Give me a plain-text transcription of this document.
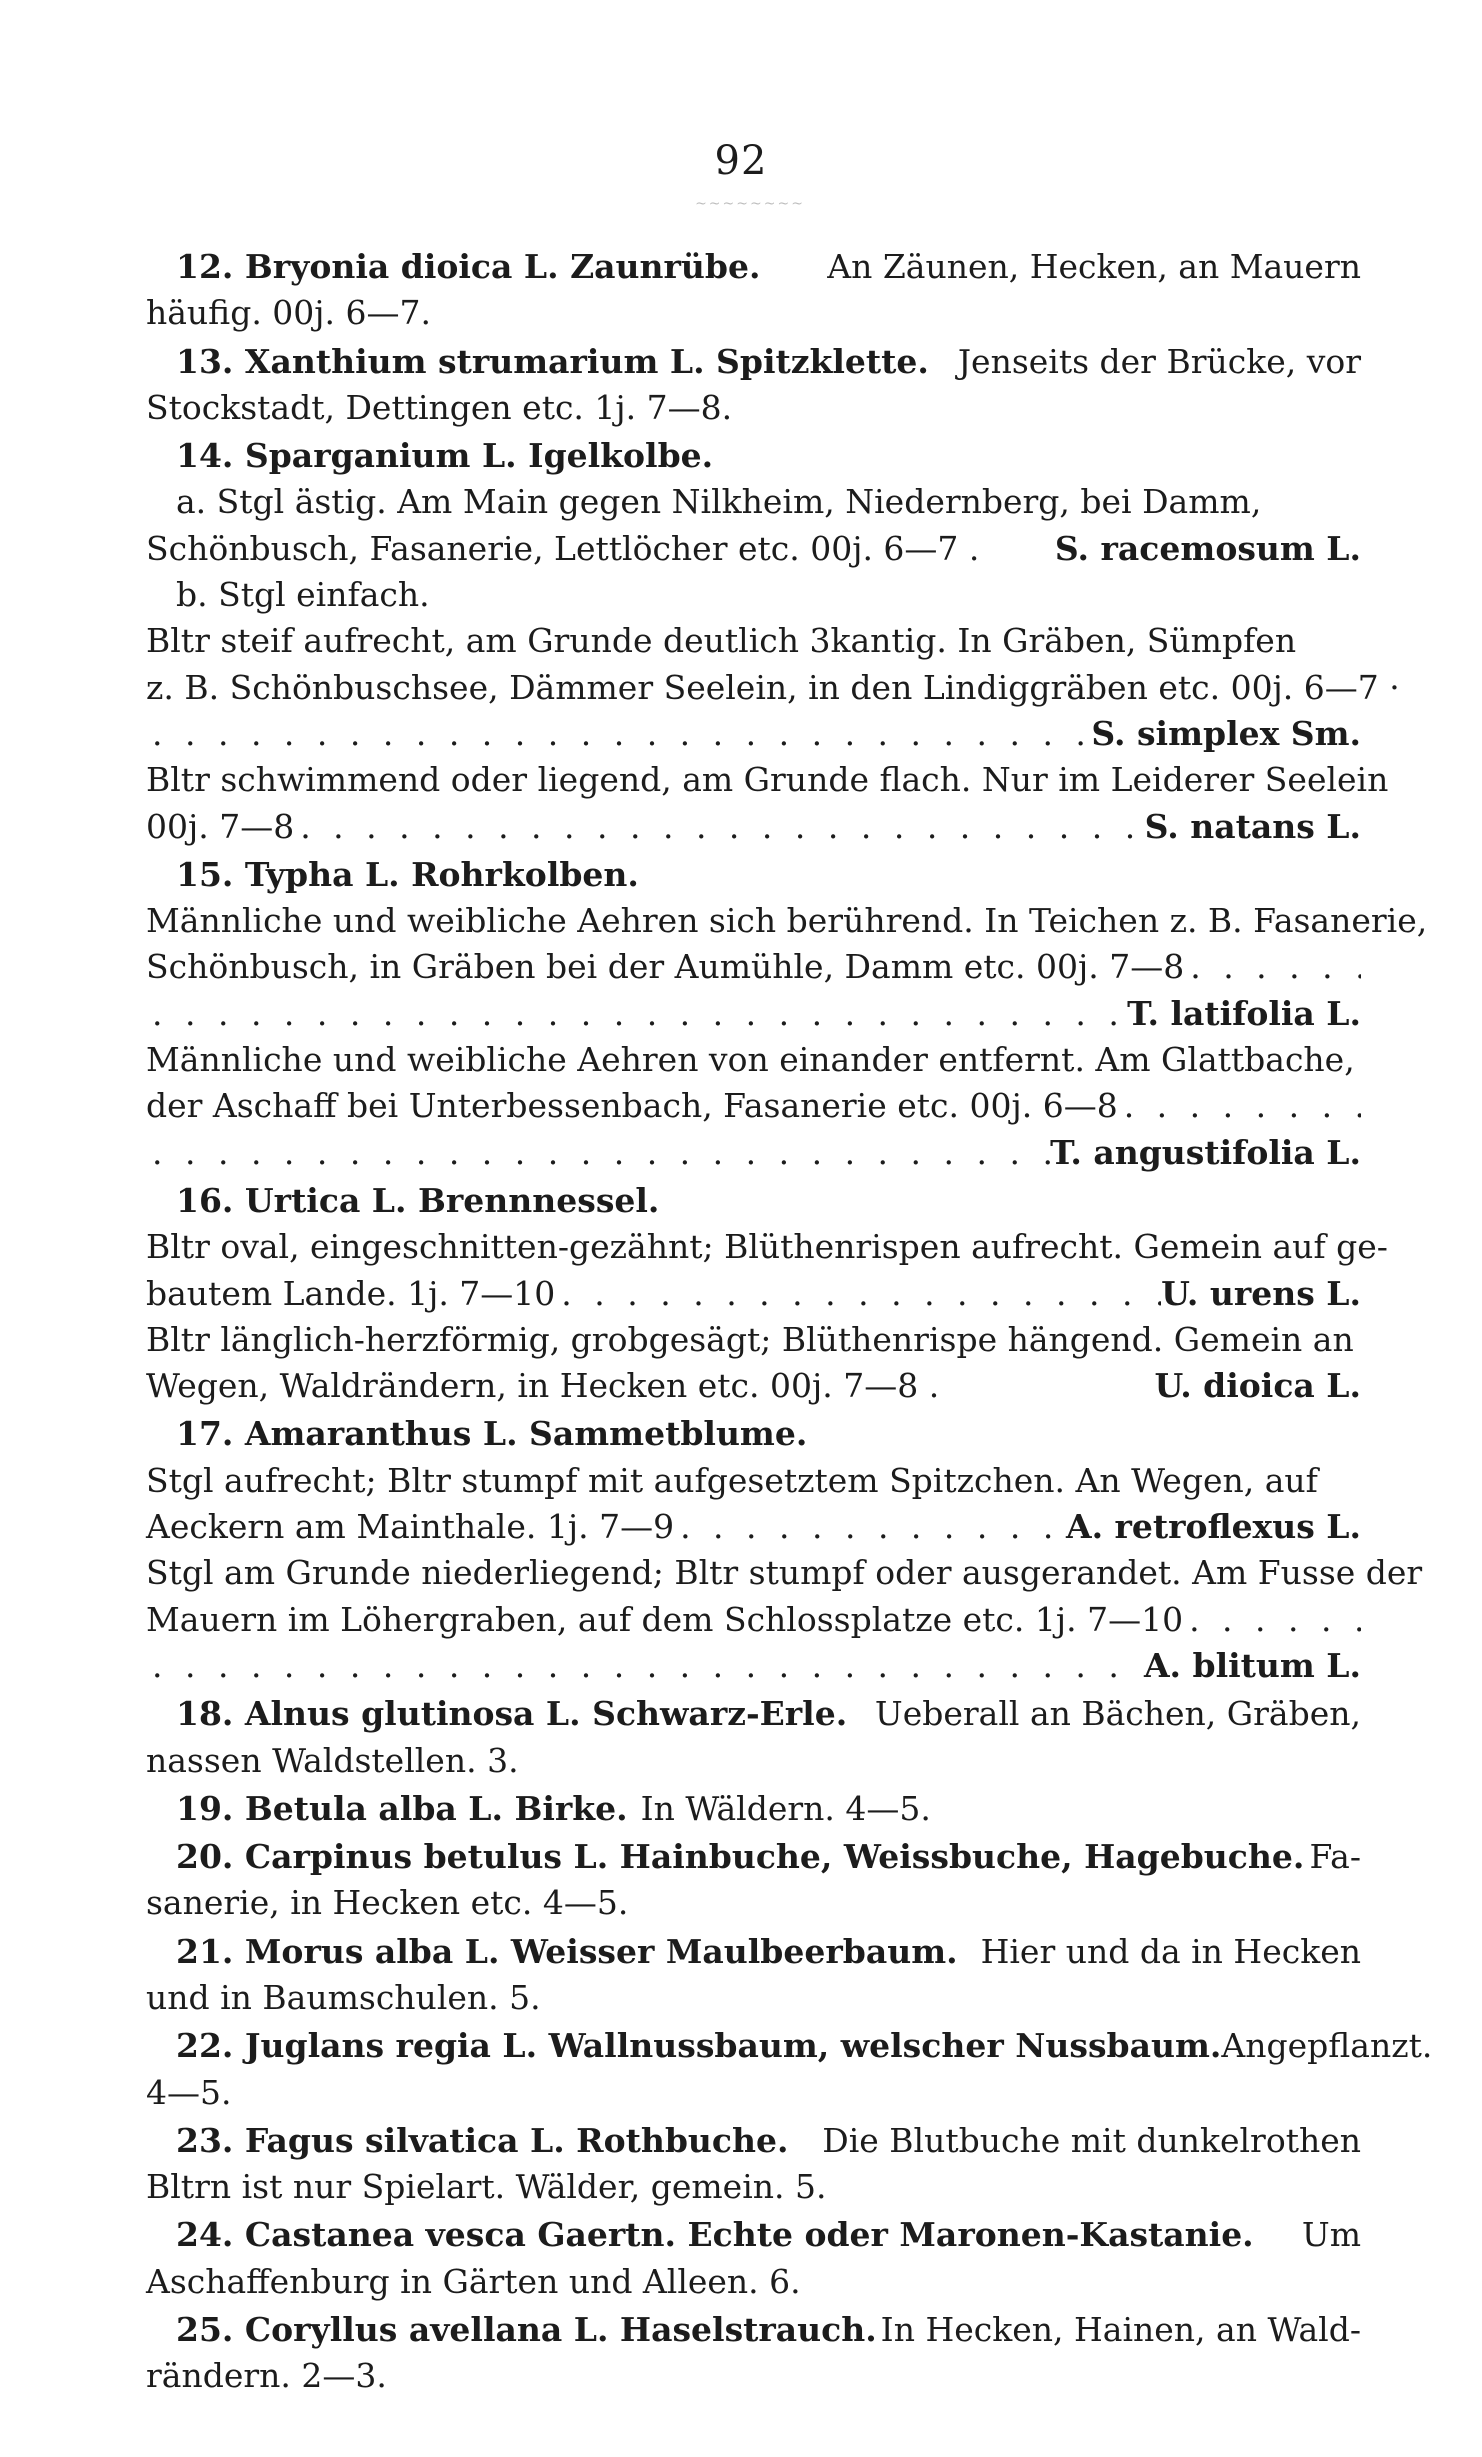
92
~~~~~~~~
12. Bryonia dioica L. Zaunrübe. An Zäunen, Hecken, an Mauern
häufig. 00j. 6—7.
13. Xanthium strumarium L. Spitzklette. Jenseits der Brücke, vor
Stockstadt, Dettingen etc. 1j. 7—8.
14. Sparganium L. Igelkolbe.
a. Stgl ästig. Am Main gegen Nilkheim, Niedernberg, bei Damm,
Schönbusch, Fasanerie, Lettlöcher etc. 00j. 6—7 . S. racemosum L.
b. Stgl einfach.
Bltr steif aufrecht, am Grunde deutlich 3kantig. In Gräben, Sümpfen
z. B. Schönbuschsee, Dämmer Seelein, in den Lindiggräben etc. 00j. 6—7 ·
. . .
S. simplex Sm.
Bltr schwimmend oder liegend, am Grunde flach. Nur im Leiderer Seelein
00j. 7—8 . . .	S. natans L.
15. Typha L. Rohrkolben.
Männliche und weibliche Aehren sich berührend. In Teichen z. B. Fasanerie,
Schönbusch, in Gräben bei der Aumühle, Damm etc. 00j. 7—8
. . .
. . .
T. latifolia L.
Männliche und weibliche Aehren von einander entfernt. Am Glattbache,
der Aschaff bei Unterbessenbach, Fasanerie etc. 00j. 6—8
. . .
. . .
T. angustifolia L.
16. Urtica L. Brennnessel.
Bltr oval, eingeschnitten-gezähnt; Blüthenrispen aufrecht. Gemein auf ge-
bautem Lande. 1j. 7—10 . . .	U. urens L.
Bltr länglich-herzförmig, grobgesägt; Blüthenrispe hängend. Gemein an
Wegen, Waldrändern, in Hecken etc. 00j. 7—8 .	U. dioica L.
17. Amaranthus L. Sammetblume.
Stgl aufrecht; Bltr stumpf mit aufgesetztem Spitzchen. An Wegen, auf
Aeckern am Mainthale. 1j. 7—9 . . .	A. retroflexus L.
Stgl am Grunde niederliegend; Bltr stumpf oder ausgerandet. Am Fusse der
Mauern im Löhergraben, auf dem Schlossplatze etc. 1j. 7—10
. . .
. . .
A. blitum L.
18. Alnus glutinosa L. Schwarz-Erle. Ueberall an Bächen, Gräben,
nassen Waldstellen. 3.
19. Betula alba L. Birke. In Wäldern. 4—5.
20. Carpinus betulus L. Hainbuche, Weissbuche, Hagebuche. Fa-
sanerie, in Hecken etc. 4—5.
21. Morus alba L. Weisser Maulbeerbaum. Hier und da in Hecken
und in Baumschulen. 5.
22. Juglans regia L. Wallnussbaum, welscher Nussbaum. Angepflanzt.
4—5.
23. Fagus silvatica L. Rothbuche. Die Blutbuche mit dunkelrothen
Bltrn ist nur Spielart. Wälder, gemein. 5.
24. Castanea vesca Gaertn. Echte oder Maronen-Kastanie. Um
Aschaffenburg in Gärten und Alleen. 6.
25. Coryllus avellana L. Haselstrauch. In Hecken, Hainen, an Wald-
rändern. 2—3.
